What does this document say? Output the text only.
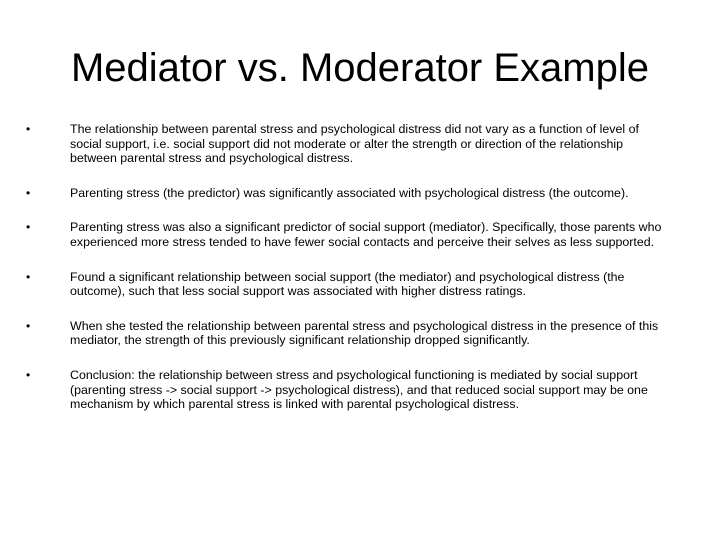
Mediator vs. Moderator Example
•	The relationship between parental stress and psychological distress did not vary as a function of level of social support, i.e. social support did not moderate or alter the strength or direction of the relationship between parental stress and psychological distress.
•	Parenting stress (the predictor) was significantly associated with psychological distress (the outcome).
•	Parenting stress was also a significant predictor of social support (mediator). Specifically, those parents who experienced more stress tended to have fewer social contacts and perceive their selves as less supported.
•	Found a significant relationship between social support (the mediator) and psychological distress (the outcome), such that less social support was associated with higher distress ratings.
•	When she tested the relationship between parental stress and psychological distress in the presence of this mediator, the strength of this previously significant relationship dropped significantly.
•	Conclusion: the relationship between stress and psychological functioning is mediated by social support (parenting stress -> social support -> psychological distress), and that reduced social support may be one mechanism by which parental stress is linked with parental psychological distress.
